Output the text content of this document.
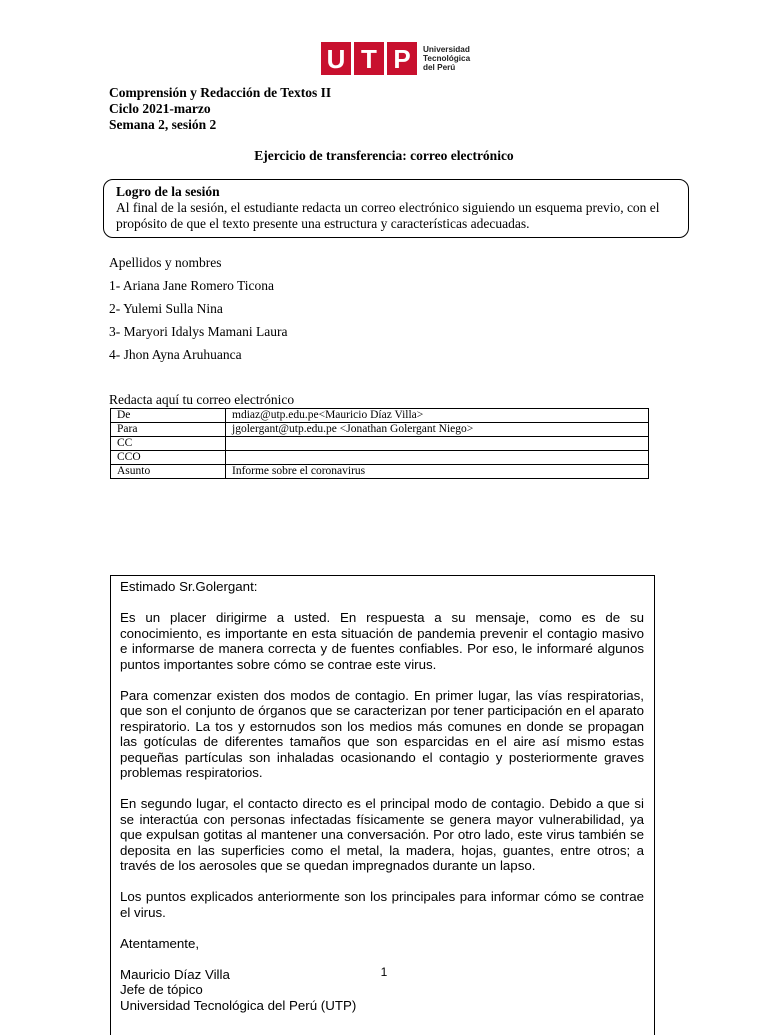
U T P	Universidad
Tecnológica
del Perú
Comprensión y Redacción de Textos II
Ciclo 2021-marzo
Semana 2, sesión 2
Ejercicio de transferencia: correo electrónico
Logro de la sesión
Al final de la sesión, el estudiante redacta un correo electrónico siguiendo un esquema previo, con el propósito de que el texto presente una estructura y características adecuadas.
Apellidos y nombres
1- Ariana Jane Romero Ticona
2- Yulemi Sulla Nina
3- Maryori Idalys Mamani Laura
4- Jhon Ayna Aruhuanca
Redacta aquí tu correo electrónico
De	mdiaz@utp.edu.pe<Mauricio Díaz Villa>
Para	jgolergant@utp.edu.pe <Jonathan Golergant Niego>
CC	
CCO	
Asunto	Informe sobre el coronavirus

Estimado Sr.Golergant:

Es un placer dirigirme a usted. En respuesta a su mensaje, como es de su conocimiento, es importante en esta situación de pandemia prevenir el contagio masivo e informarse de manera correcta y de fuentes confiables. Por eso, le informaré algunos puntos importantes sobre cómo se contrae este virus.

Para comenzar existen dos modos de contagio. En primer lugar, las vías respiratorias, que son el conjunto de órganos que se caracterizan por tener participación en el aparato respiratorio. La tos y estornudos son los medios más comunes en donde se propagan las gotículas de diferentes tamaños que son esparcidas en el aire así mismo estas pequeñas partículas son inhaladas ocasionando el contagio y posteriormente graves problemas respiratorios.

En segundo lugar, el contacto directo es el principal modo de contagio. Debido a que si se interactúa con personas infectadas físicamente se genera mayor vulnerabilidad, ya que expulsan gotitas al mantener una conversación. Por otro lado, este virus también se deposita en las superficies como el metal, la madera, hojas, guantes, entre otros; a través de los aerosoles que se quedan impregnados durante un lapso.

Los puntos explicados anteriormente son los principales para informar cómo se contrae el virus.

Atentamente,

Mauricio Díaz Villa
Jefe de tópico
Universidad Tecnológica del Perú (UTP)
1
